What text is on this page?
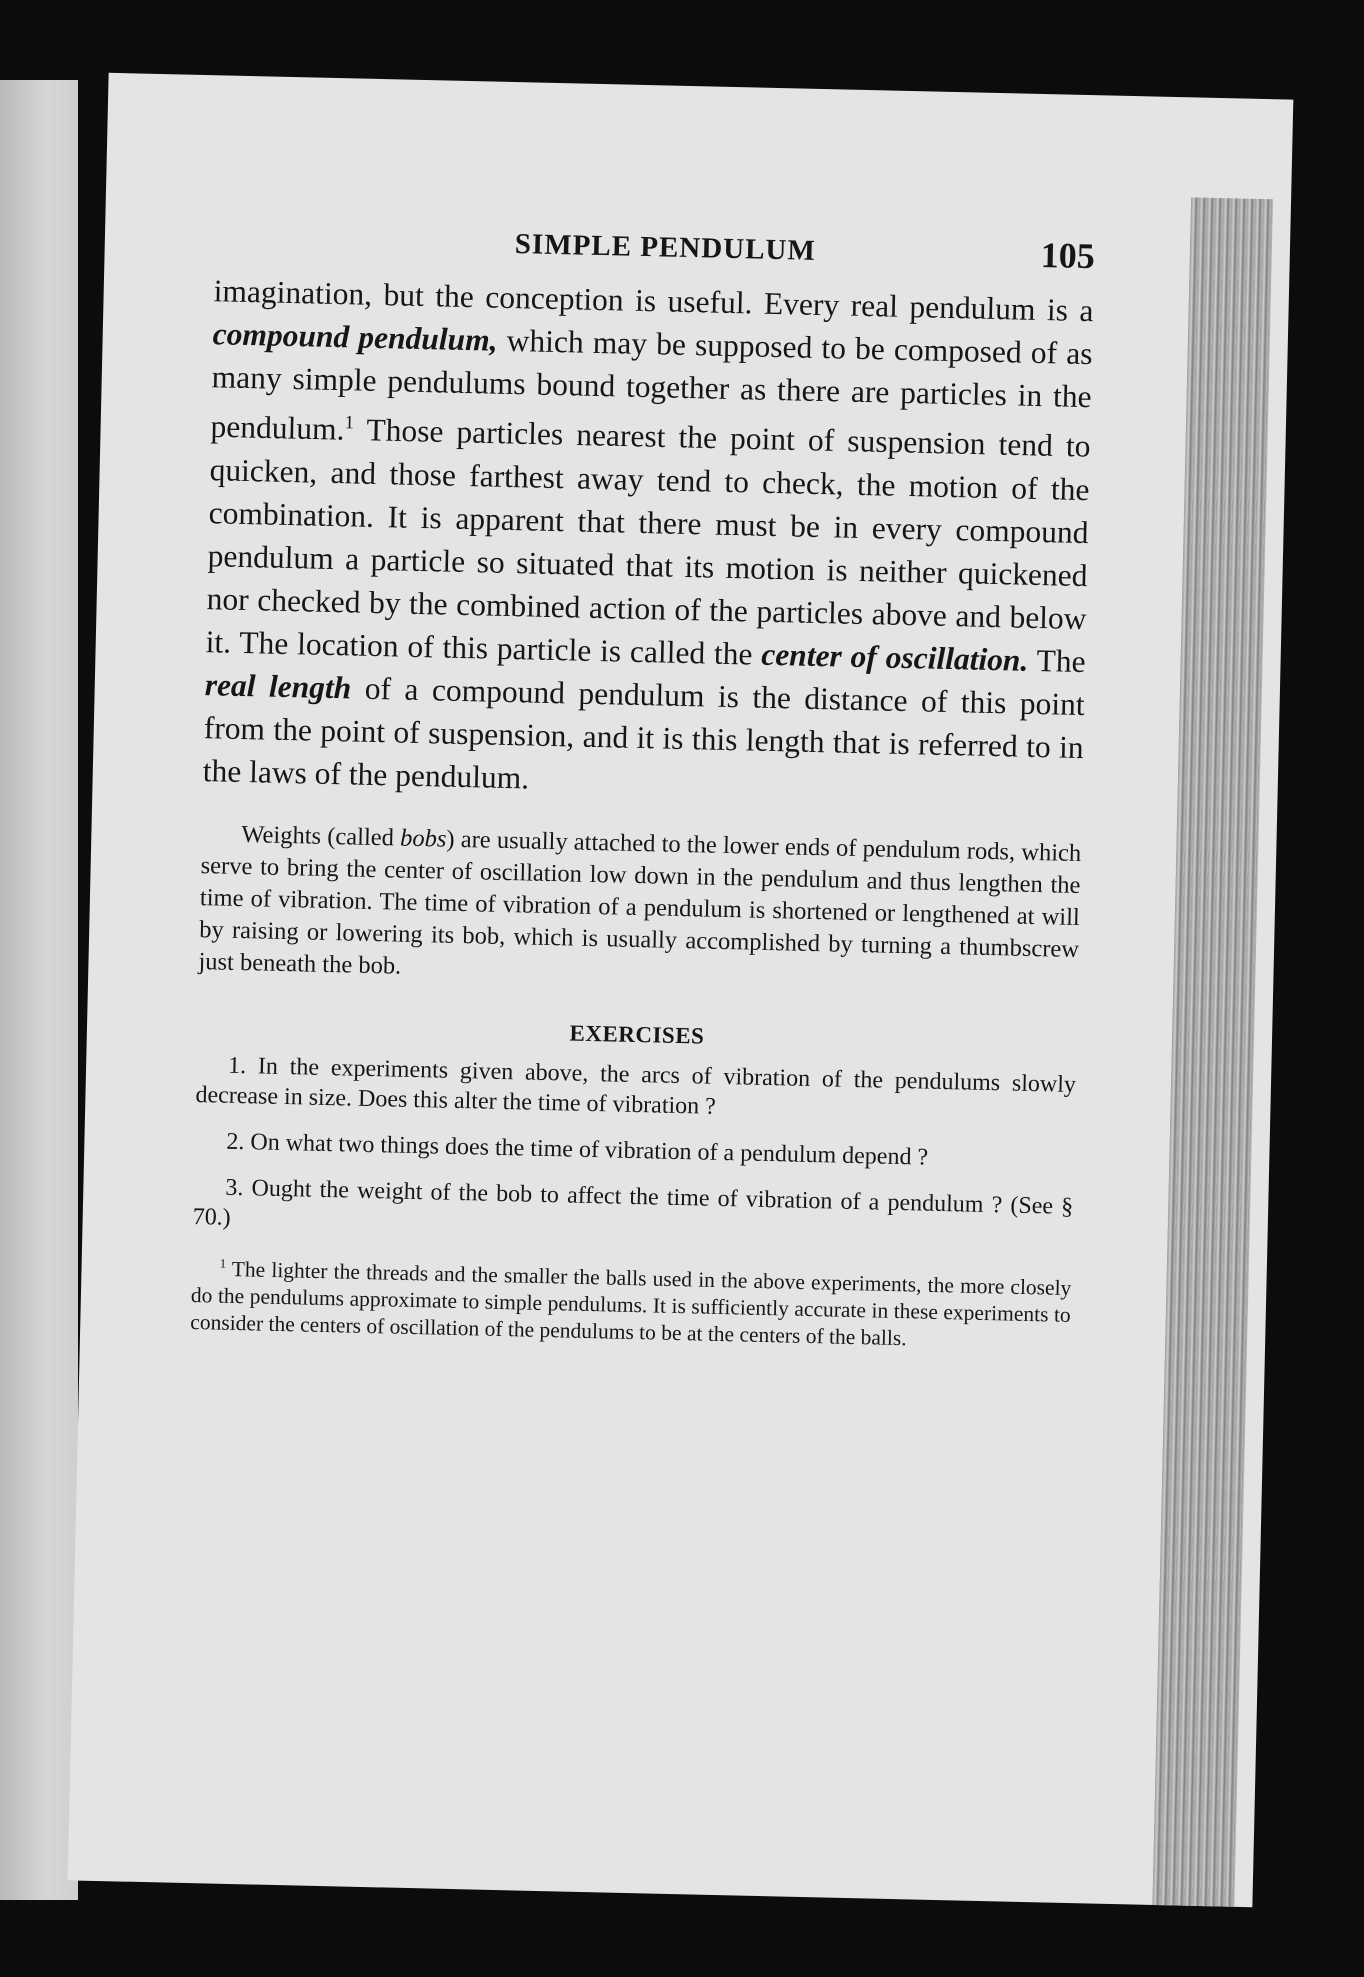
SIMPLE PENDULUM	105

imagination, but the conception is useful. Every real pendulum is a compound pendulum, which may be supposed to be composed of as many simple pendulums bound together as there are particles in the pendulum.$^1$ Those particles nearest the point of suspension tend to quicken, and those farthest away tend to check, the motion of the combination. It is apparent that there must be in every compound pendulum a particle so situated that its motion is neither quickened nor checked by the combined action of the particles above and below it. The location of this particle is called the center of oscillation. The real length of a compound pendulum is the distance of this point from the point of suspension, and it is this length that is referred to in the laws of the pendulum.

Weights (called bobs) are usually attached to the lower ends of pendulum rods, which serve to bring the center of oscillation low down in the pendulum and thus lengthen the time of vibration. The time of vibration of a pendulum is shortened or lengthened at will by raising or lowering its bob, which is usually accomplished by turning a thumbscrew just beneath the bob.

EXERCISES

1. In the experiments given above, the arcs of vibration of the pendulums slowly decrease in size. Does this alter the time of vibration ?

2. On what two things does the time of vibration of a pendulum depend ?

3. Ought the weight of the bob to affect the time of vibration of a pendulum ? (See § 70.)

$^1$ The lighter the threads and the smaller the balls used in the above experiments, the more closely do the pendulums approximate to simple pendulums. It is sufficiently accurate in these experiments to consider the centers of oscillation of the pendulums to be at the centers of the balls.
